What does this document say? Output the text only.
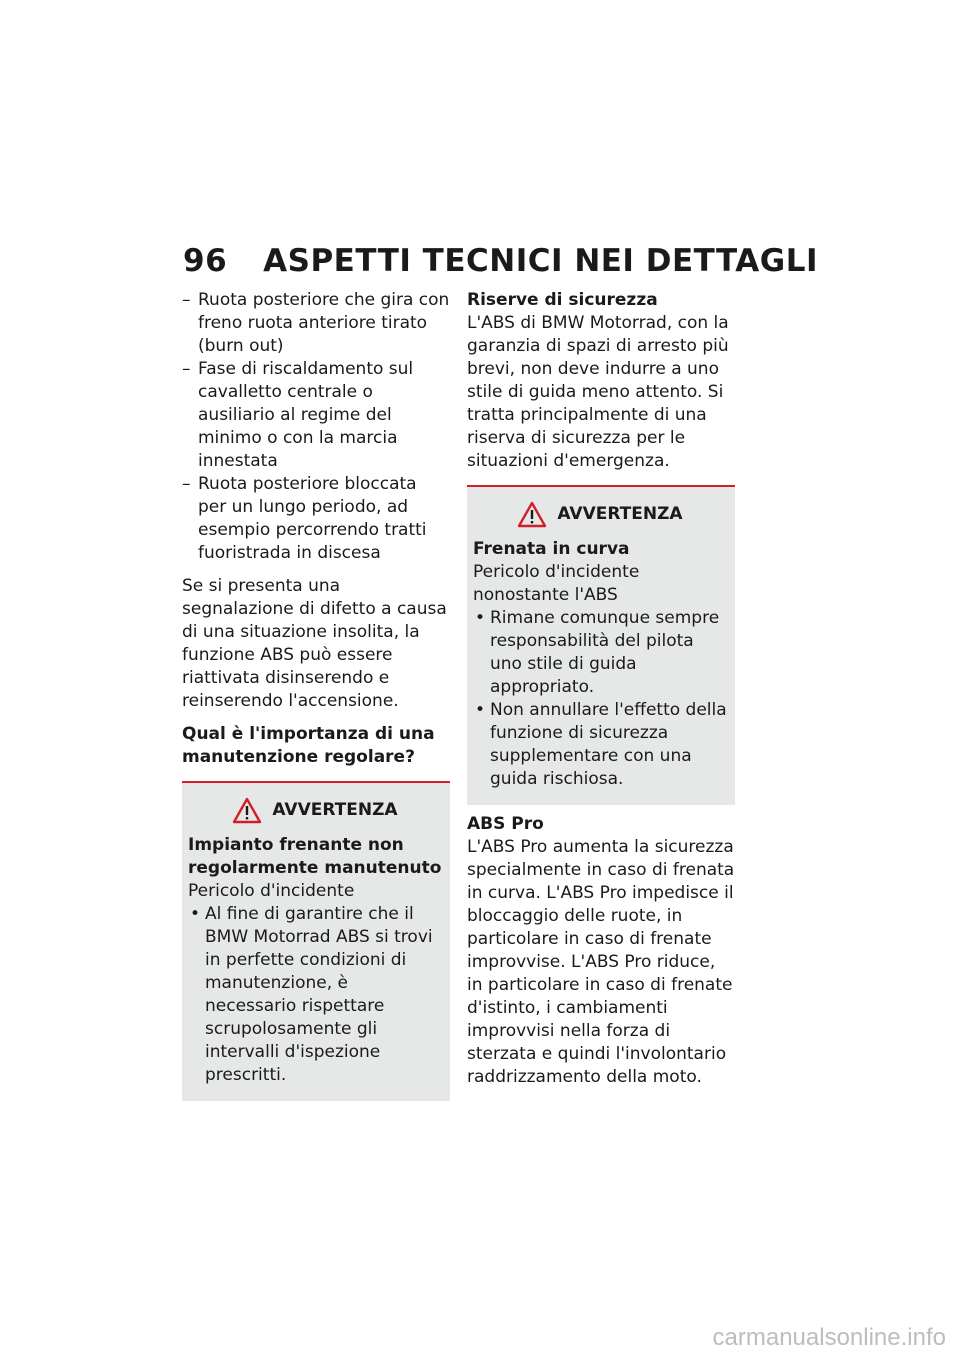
96 ASPETTI TECNICI NEI DETTAGLI
– Ruota posteriore che gira con freno ruota anteriore tirato (burn out)
– Fase di riscaldamento sul cavalletto centrale o ausiliario al regime del minimo o con la marcia innestata
– Ruota posteriore bloccata per un lungo periodo, ad esempio percorrendo tratti fuoristrada in discesa

Se si presenta una segnalazione di difetto a causa di una situazione insolita, la funzione ABS può essere riattivata disinserendo e reinserendo l'accensione.

Qual è l'importanza di una manutenzione regolare?
AVVERTENZA
Impianto frenante non regolarmente manutenuto
Pericolo d'incidente
• Al fine di garantire che il BMW Motorrad ABS si trovi in perfette condizioni di manutenzione, è necessario rispettare scrupolosamente gli intervalli d'ispezione prescritti.
Riserve di sicurezza

L'ABS di BMW Motorrad, con la garanzia di spazi di arresto più brevi, non deve indurre a uno stile di guida meno attento. Si tratta principalmente di una riserva di sicurezza per le situazioni d'emergenza.

AVVERTENZA
Frenata in curva
Pericolo d'incidente nonostante l'ABS
• Rimane comunque sempre responsabilità del pilota uno stile di guida appropriato.
• Non annullare l'effetto della funzione di sicurezza supplementare con una guida rischiosa.
ABS Pro

L'ABS Pro aumenta la sicurezza specialmente in caso di frenata in curva. L'ABS Pro impedisce il bloccaggio delle ruote, in particolare in caso di frenate improvvise. L'ABS Pro riduce, in particolare in caso di frenate d'istinto, i cambiamenti improvvisi nella forza di sterzata e quindi l'involontario raddrizzamento della moto.

carmanualsonline.info
